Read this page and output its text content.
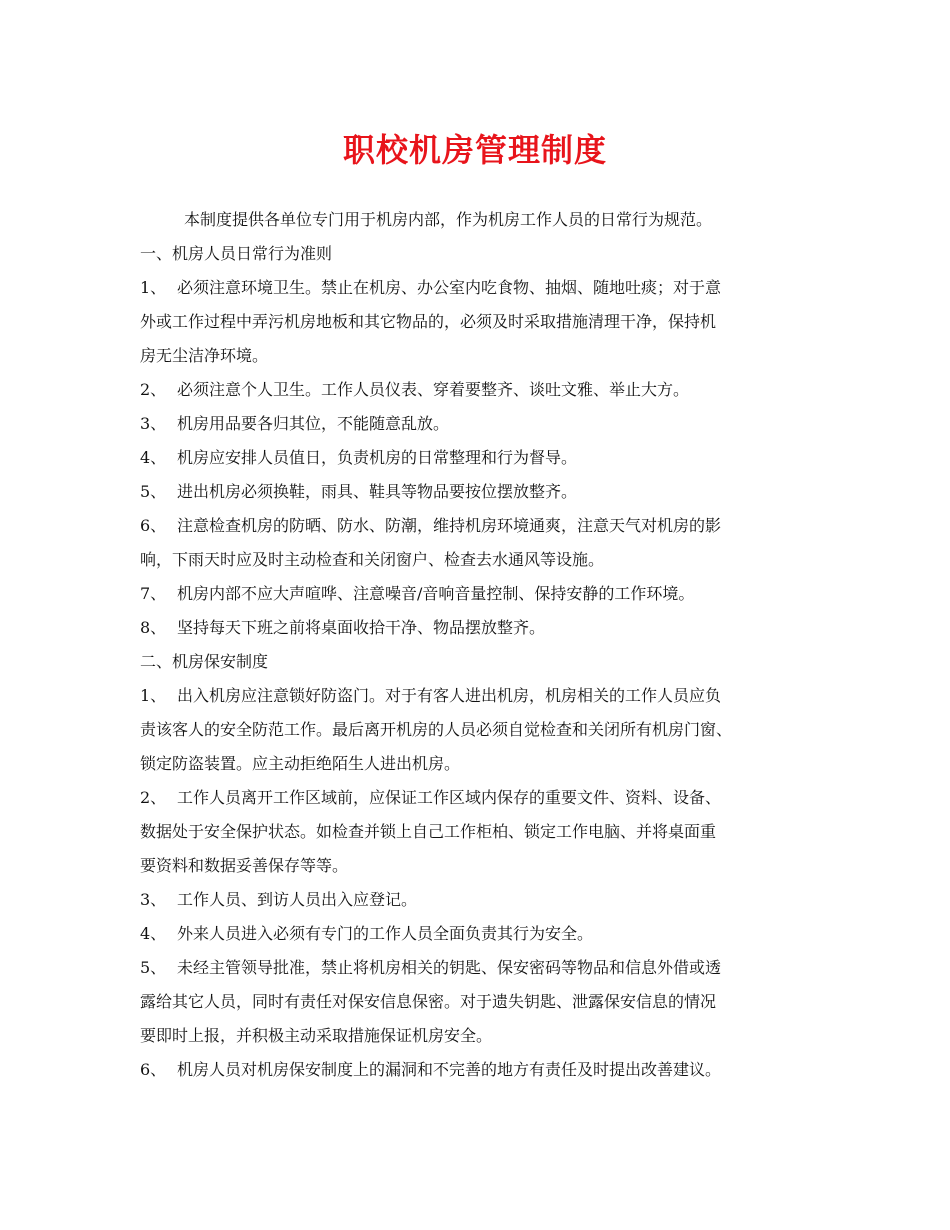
职校机房管理制度
本制度提供各单位专门用于机房内部，作为机房工作人员的日常行为规范。
一、机房人员日常行为准则
1、 必须注意环境卫生。禁止在机房、办公室内吃食物、抽烟、随地吐痰；对于意
外或工作过程中弄污机房地板和其它物品的，必须及时采取措施清理干净，保持机
房无尘洁净环境。
2、 必须注意个人卫生。工作人员仪表、穿着要整齐、谈吐文雅、举止大方。
3、 机房用品要各归其位，不能随意乱放。
4、 机房应安排人员值日，负责机房的日常整理和行为督导。
5、 进出机房必须换鞋，雨具、鞋具等物品要按位摆放整齐。
6、 注意检查机房的防晒、防水、防潮，维持机房环境通爽，注意天气对机房的影
响，下雨天时应及时主动检查和关闭窗户、检查去水通风等设施。
7、 机房内部不应大声喧哗、注意噪音/音响音量控制、保持安静的工作环境。
8、 坚持每天下班之前将桌面收拾干净、物品摆放整齐。
二、机房保安制度
1、 出入机房应注意锁好防盗门。对于有客人进出机房，机房相关的工作人员应负
责该客人的安全防范工作。最后离开机房的人员必须自觉检查和关闭所有机房门窗、
锁定防盗装置。应主动拒绝陌生人进出机房。
2、 工作人员离开工作区域前，应保证工作区域内保存的重要文件、资料、设备、
数据处于安全保护状态。如检查并锁上自己工作柜柏、锁定工作电脑、并将桌面重
要资料和数据妥善保存等等。
3、 工作人员、到访人员出入应登记。
4、 外来人员进入必须有专门的工作人员全面负责其行为安全。
5、 未经主管领导批准，禁止将机房相关的钥匙、保安密码等物品和信息外借或透
露给其它人员，同时有责任对保安信息保密。对于遗失钥匙、泄露保安信息的情况
要即时上报，并积极主动采取措施保证机房安全。
6、 机房人员对机房保安制度上的漏洞和不完善的地方有责任及时提出改善建议。
